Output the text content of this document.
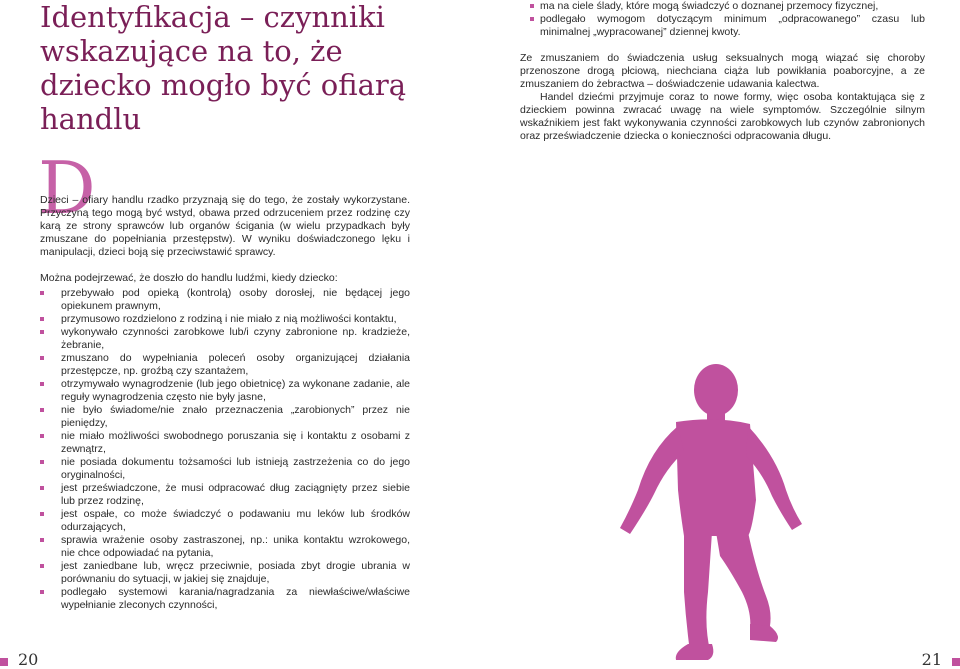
Identyfikacja – czynniki wskazujące na to, że dziecko mogło być ofiarą handlu
D
Dzieci – ofiary handlu rzadko przyznają się do tego, że zostały wykorzystane. Przyczyną tego mogą być wstyd, obawa przed odrzuceniem przez rodzinę czy karą ze strony sprawców lub organów ścigania (w wielu przypadkach były zmuszane do popełniania przestępstw). W wyniku doświadczonego lęku i manipulacji, dzieci boją się przeciwstawić sprawcy.
Można podejrzewać, że doszło do handlu ludźmi, kiedy dziecko:
przebywało pod opieką (kontrolą) osoby dorosłej, nie będącej jego opiekunem prawnym,
przymusowo rozdzielono z rodziną i nie miało z nią możliwości kontaktu,
wykonywało czynności zarobkowe lub/i czyny zabronione np. kradzieże, żebranie,
zmuszano do wypełniania poleceń osoby organizującej działania przestępcze, np. groźbą czy szantażem,
otrzymywało wynagrodzenie (lub jego obietnicę) za wykonane zadanie, ale reguły wynagrodzenia często nie były jasne,
nie było świadome/nie znało przeznaczenia „zarobionych” przez nie pieniędzy,
nie miało możliwości swobodnego poruszania się i kontaktu z osobami z zewnątrz,
nie posiada dokumentu tożsamości lub istnieją zastrzeżenia co do jego oryginalności,
jest przeświadczone, że musi odpracować dług zaciągnięty przez siebie lub przez rodzinę,
jest ospałe, co może świadczyć o podawaniu mu leków lub środków odurzających,
sprawia wrażenie osoby zastraszonej, np.: unika kontaktu wzrokowego, nie chce odpowiadać na pytania,
jest zaniedbane lub, wręcz przeciwnie, posiada zbyt drogie ubrania w porównaniu do sytuacji, w jakiej się znajduje,
podlegało systemowi karania/nagradzania za niewłaściwe/właściwe wypełnianie zleconych czynności,
20
ma na ciele ślady, które mogą świadczyć o doznanej przemocy fizycznej,
podlegało wymogom dotyczącym minimum „odpracowanego” czasu lub minimalnej „wypracowanej” dziennej kwoty.

Ze zmuszaniem do świadczenia usług seksualnych mogą wiązać się choroby przenoszone drogą płciową, niechciana ciąża lub powikłania poaborcyjne, a ze zmuszaniem do żebractwa – doświadczenie udawania kalectwa.

Handel dziećmi przyjmuje coraz to nowe formy, więc osoba kontaktująca się z dzieckiem powinna zwracać uwagę na wiele symptomów. Szczególnie silnym wskaźnikiem jest fakt wykonywania czynności zarobkowych lub czynów zabronionych oraz przeświadczenie dziecka o konieczności odpracowania długu.

21
